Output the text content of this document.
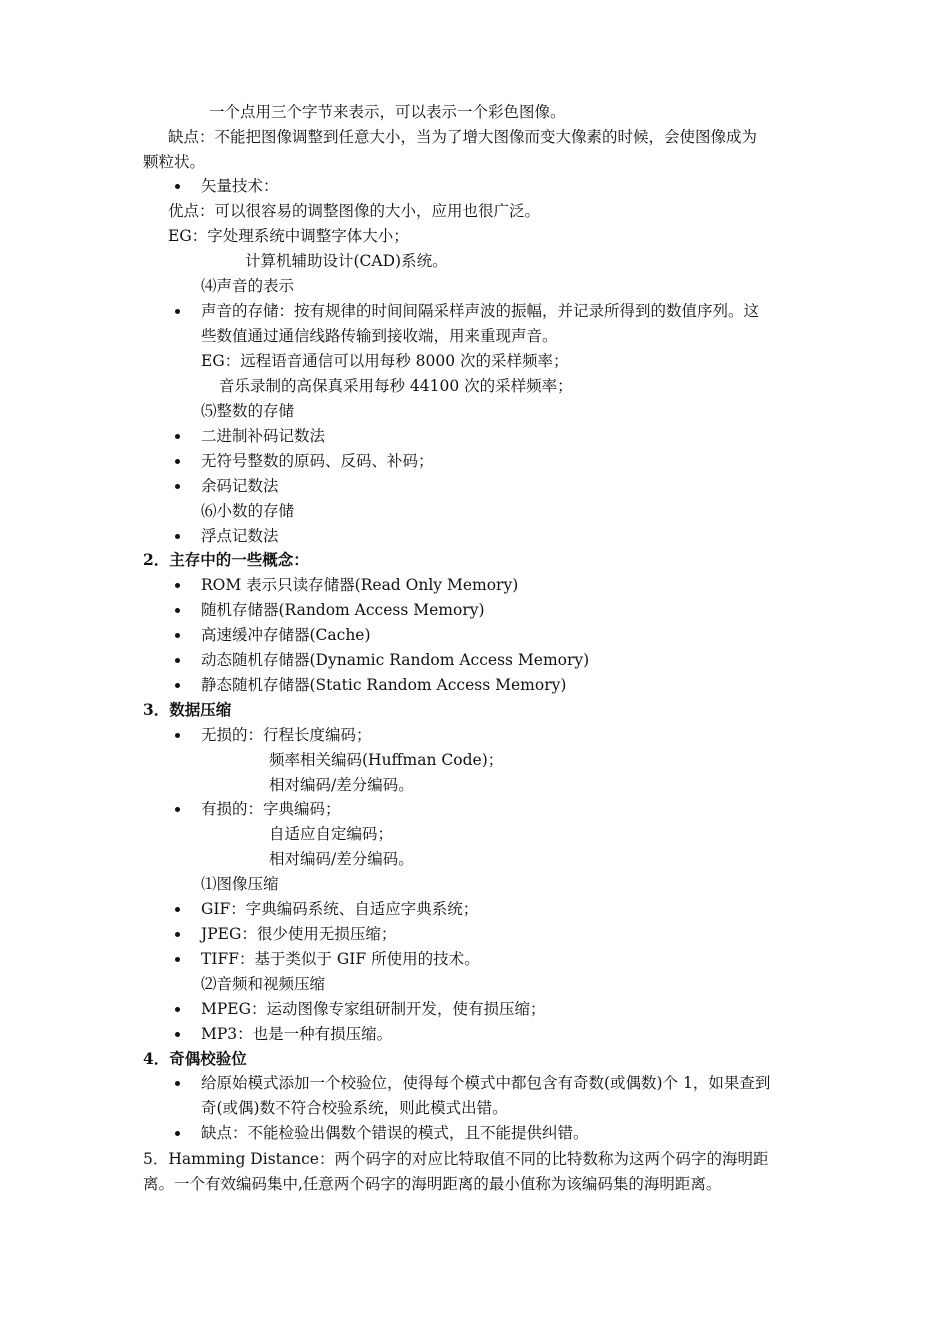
一个点用三个字节来表示，可以表示一个彩色图像。
缺点：不能把图像调整到任意大小，当为了增大图像而变大像素的时候，会使图像成为
颗粒状。
矢量技术：
优点：可以很容易的调整图像的大小，应用也很广泛。
EG：字处理系统中调整字体大小；
计算机辅助设计(CAD)系统。
⑷声音的表示
声音的存储：按有规律的时间间隔采样声波的振幅，并记录所得到的数值序列。这
些数值通过通信线路传输到接收端，用来重现声音。
EG：远程语音通信可以用每秒 8000 次的采样频率；
音乐录制的高保真采用每秒 44100 次的采样频率；
⑸整数的存储
二进制补码记数法
无符号整数的原码、反码、补码；
余码记数法
⑹小数的存储
浮点记数法
2．主存中的一些概念：
ROM 表示只读存储器(Read Only Memory)
随机存储器(Random Access Memory)
高速缓冲存储器(Cache)
动态随机存储器(Dynamic Random Access Memory)
静态随机存储器(Static Random Access Memory)
3．数据压缩
无损的：行程长度编码；
频率相关编码(Huffman Code)；
相对编码/差分编码。
有损的：字典编码；
自适应自定编码；
相对编码/差分编码。
⑴图像压缩
GIF：字典编码系统、自适应字典系统；
JPEG：很少使用无损压缩；
TIFF：基于类似于 GIF 所使用的技术。
⑵音频和视频压缩
MPEG：运动图像专家组研制开发，使有损压缩；
MP3：也是一种有损压缩。
4．奇偶校验位
给原始模式添加一个校验位，使得每个模式中都包含有奇数(或偶数)个 1，如果查到
奇(或偶)数不符合校验系统，则此模式出错。
缺点：不能检验出偶数个错误的模式，且不能提供纠错。
5．Hamming Distance：两个码字的对应比特取值不同的比特数称为这两个码字的海明距
离。一个有效编码集中,任意两个码字的海明距离的最小值称为该编码集的海明距离。
